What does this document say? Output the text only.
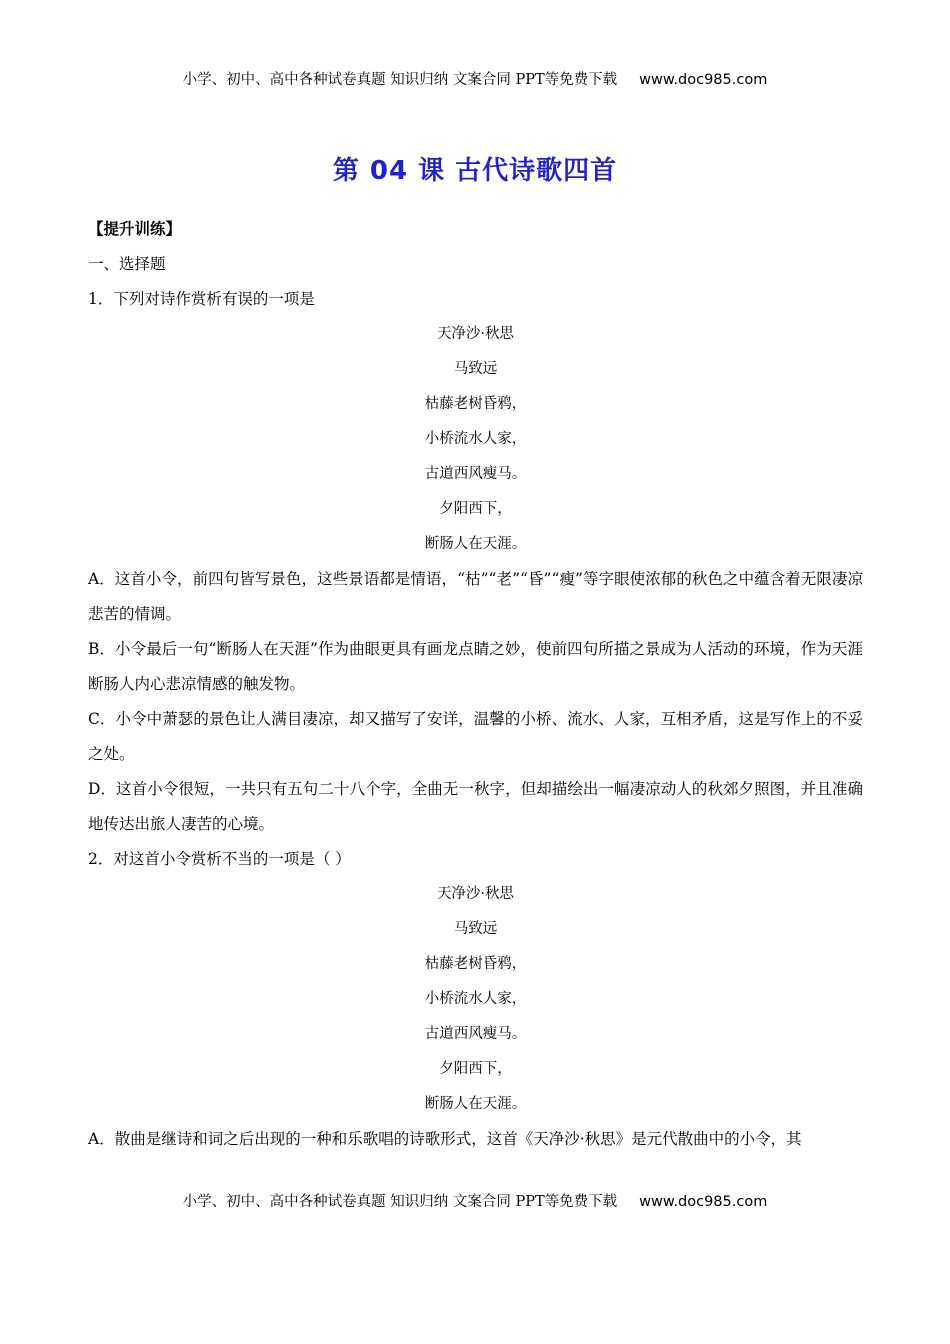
小学、初中、高中各种试卷真题 知识归纳 文案合同 PPT等免费下载 www.doc985.com
第 04 课 古代诗歌四首
【提升训练】
一、选择题

1．下列对诗作赏析有误的一项是

天净沙·秋思
马致远
枯藤老树昏鸦，
小桥流水人家，
古道西风瘦马。
夕阳西下，
断肠人在天涯。

A．这首小令，前四句皆写景色，这些景语都是情语，“枯”“老”“昏”“瘦”等字眼使浓郁的秋色之中蕴含着无限凄凉悲苦的情调。

B．小令最后一句“断肠人在天涯”作为曲眼更具有画龙点睛之妙，使前四句所描之景成为人活动的环境，作为天涯断肠人内心悲凉情感的触发物。

C．小令中萧瑟的景色让人满目凄凉，却又描写了安详，温馨的小桥、流水、人家，互相矛盾，这是写作上的不妥之处。

D．这首小令很短，一共只有五句二十八个字，全曲无一秋字，但却描绘出一幅凄凉动人的秋郊夕照图，并且准确地传达出旅人凄苦的心境。

2．对这首小令赏析不当的一项是（ ）

天净沙·秋思
马致远
枯藤老树昏鸦，
小桥流水人家，
古道西风瘦马。
夕阳西下，
断肠人在天涯。

A．散曲是继诗和词之后出现的一种和乐歌唱的诗歌形式，这首《天净沙·秋思》是元代散曲中的小令，其

小学、初中、高中各种试卷真题 知识归纳 文案合同 PPT等免费下载 www.doc985.com
